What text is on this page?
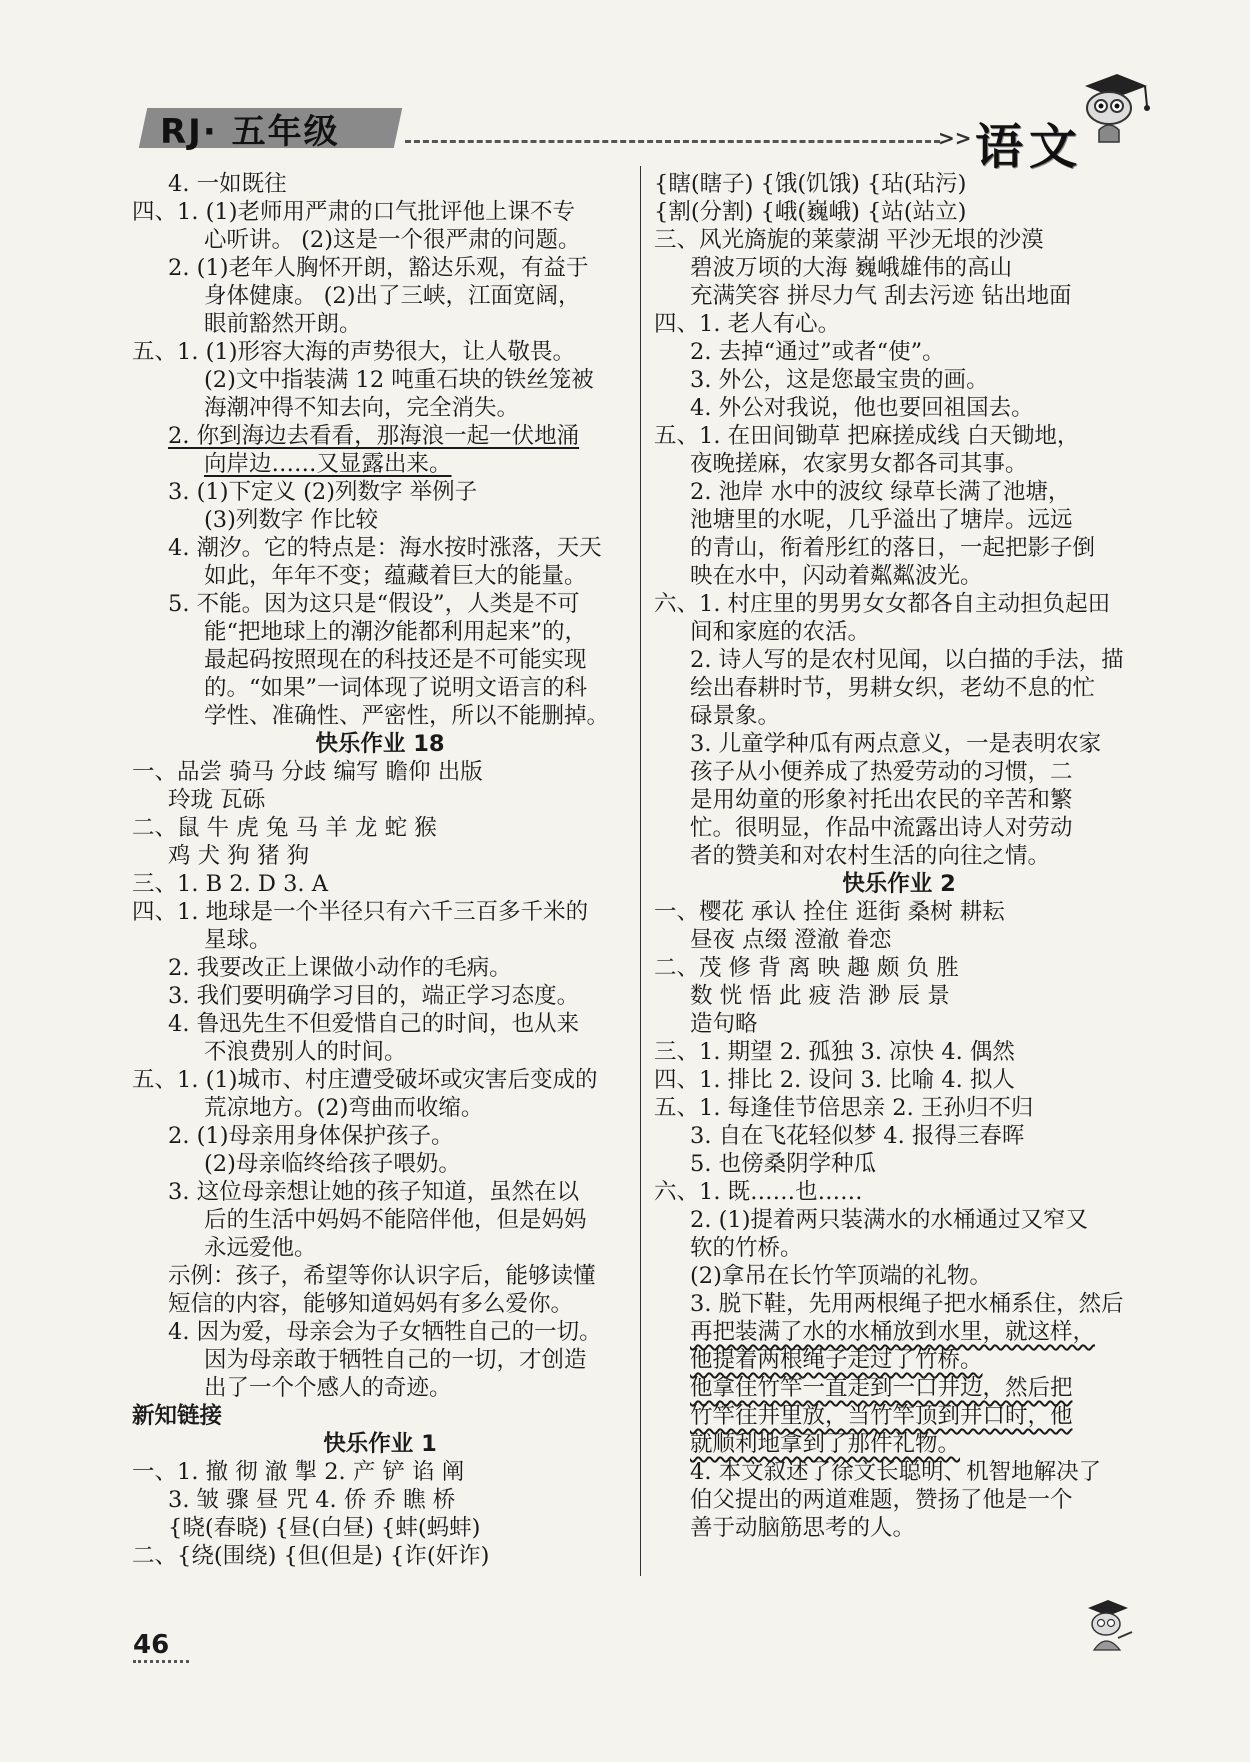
RJ· 五年级	>> 语文
4. 一如既往
四、1. (1)老师用严肃的口气批评他上课不专
心听讲。 (2)这是一个很严肃的问题。
2. (1)老年人胸怀开朗，豁达乐观，有益于
身体健康。 (2)出了三峡，江面宽阔，
眼前豁然开朗。
五、1. (1)形容大海的声势很大，让人敬畏。
(2)文中指装满 12 吨重石块的铁丝笼被
海潮冲得不知去向，完全消失。
2. 你到海边去看看，那海浪一起一伏地涌
向岸边……又显露出来。
3. (1)下定义 (2)列数字 举例子
(3)列数字 作比较
4. 潮汐。它的特点是：海水按时涨落，天天
如此，年年不变；蕴藏着巨大的能量。
5. 不能。因为这只是“假设”，人类是不可
能“把地球上的潮汐能都利用起来”的，
最起码按照现在的科技还是不可能实现
的。“如果”一词体现了说明文语言的科
学性、准确性、严密性，所以不能删掉。
快乐作业 18
一、品尝 骑马 分歧 编写 瞻仰 出版
玲珑 瓦砾
二、鼠 牛 虎 兔 马 羊 龙 蛇 猴
鸡 犬 狗 猪 狗
三、1. B 2. D 3. A
四、1. 地球是一个半径只有六千三百多千米的
星球。
2. 我要改正上课做小动作的毛病。
3. 我们要明确学习目的，端正学习态度。
4. 鲁迅先生不但爱惜自己的时间，也从来
不浪费别人的时间。
五、1. (1)城市、村庄遭受破坏或灾害后变成的
荒凉地方。(2)弯曲而收缩。
2. (1)母亲用身体保护孩子。
(2)母亲临终给孩子喂奶。
3. 这位母亲想让她的孩子知道，虽然在以
后的生活中妈妈不能陪伴他，但是妈妈
永远爱他。
示例：孩子，希望等你认识字后，能够读懂
短信的内容，能够知道妈妈有多么爱你。
4. 因为爱，母亲会为子女牺牲自己的一切。
因为母亲敢于牺牲自己的一切，才创造
出了一个个感人的奇迹。
新知链接
快乐作业 1
一、1. 撤 彻 澈 掣 2. 产 铲 谄 阐
3. 皱 骤 昼 咒 4. 侨 乔 瞧 桥
{晓(春晓) {昼(白昼) {蚌(蚂蚌)
二、{绕(围绕) {但(但是) {诈(奸诈)
{瞎(瞎子) {饿(饥饿) {玷(玷污)
{割(分割) {峨(巍峨) {站(站立)
三、风光旖旎的莱蒙湖 平沙无垠的沙漠
碧波万顷的大海 巍峨雄伟的高山
充满笑容 拼尽力气 刮去污迹 钻出地面
四、1. 老人有心。
2. 去掉“通过”或者“使”。
3. 外公，这是您最宝贵的画。
4. 外公对我说，他也要回祖国去。
五、1. 在田间锄草 把麻搓成线 白天锄地，
夜晚搓麻，农家男女都各司其事。
2. 池岸 水中的波纹 绿草长满了池塘，
池塘里的水呢，几乎溢出了塘岸。远远
的青山，衔着彤红的落日，一起把影子倒
映在水中，闪动着粼粼波光。
六、1. 村庄里的男男女女都各自主动担负起田
间和家庭的农活。
2. 诗人写的是农村见闻，以白描的手法，描
绘出春耕时节，男耕女织，老幼不息的忙
碌景象。
3. 儿童学种瓜有两点意义，一是表明农家
孩子从小便养成了热爱劳动的习惯，二
是用幼童的形象衬托出农民的辛苦和繁
忙。很明显，作品中流露出诗人对劳动
者的赞美和对农村生活的向往之情。
快乐作业 2
一、樱花 承认 拴住 逛街 桑树 耕耘
昼夜 点缀 澄澈 眷恋
二、茂 修 背 离 映 趣 颇 负 胜
数 恍 悟 此 疲 浩 渺 辰 景
造句略
三、1. 期望 2. 孤独 3. 凉快 4. 偶然
四、1. 排比 2. 设问 3. 比喻 4. 拟人
五、1. 每逢佳节倍思亲 2. 王孙归不归
3. 自在飞花轻似梦 4. 报得三春晖
5. 也傍桑阴学种瓜
六、1. 既……也……
2. (1)提着两只装满水的水桶通过又窄又
软的竹桥。
(2)拿吊在长竹竿顶端的礼物。
3. 脱下鞋，先用两根绳子把水桶系住，然后
再把装满了水的水桶放到水里，就这样，
他提着两根绳子走过了竹桥。
他拿住竹竿一直走到一口井边，然后把
竹竿往井里放，当竹竿顶到井口时，他
就顺利地拿到了那件礼物。
4. 本文叙述了徐文长聪明、机智地解决了
伯父提出的两道难题，赞扬了他是一个
善于动脑筋思考的人。
46
